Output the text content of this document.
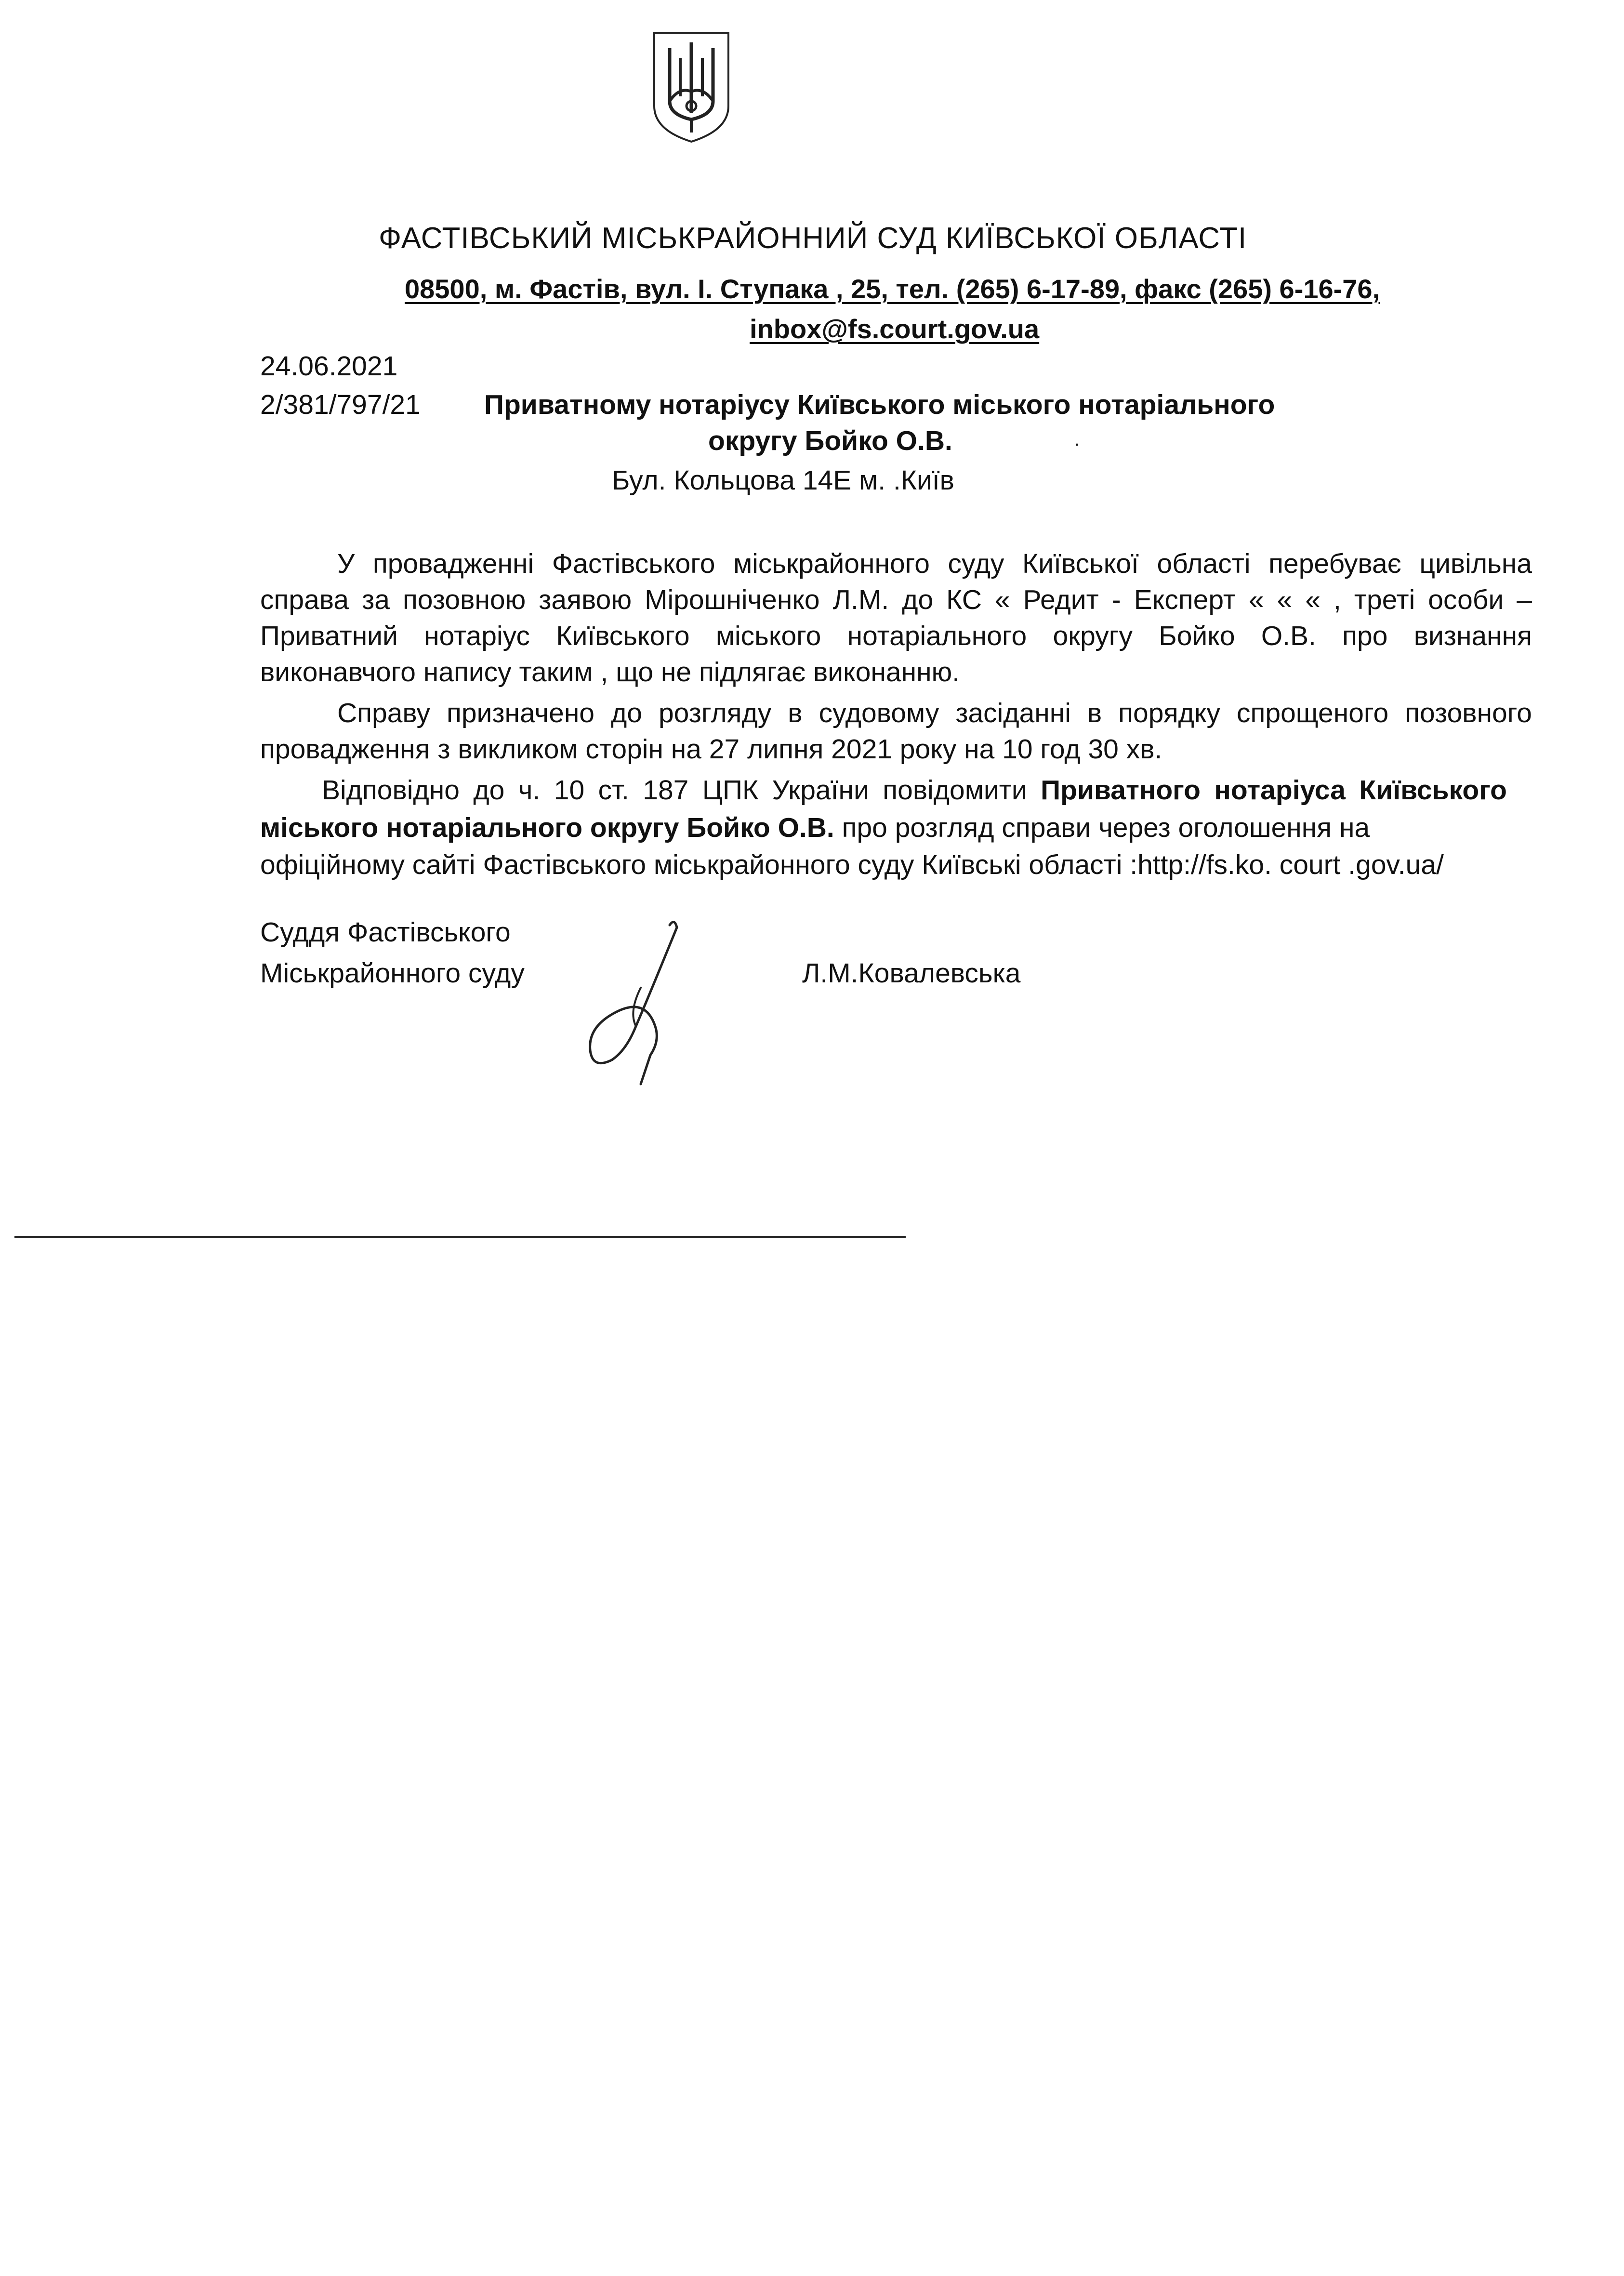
ФАСТІВСЬКИЙ МІСЬКРАЙОННИЙ СУД КИЇВСЬКОЇ ОБЛАСТІ
08500, м. Фастів, вул. І. Ступака , 25, тел. (265) 6-17-89, факс (265) 6-16-76,
inbox@fs.court.gov.ua
24.06.2021
2/381/797/21 Приватному нотаріусу Київського міського нотаріального
округу Бойко О.В.	.
Бул. Кольцова 14Е м. .Київ
У провадженні Фастівського міськрайонного суду Київської області перебуває цивільна
справа за позовною заявою Мірошніченко Л.М. до КС « Редит - Експерт « « « , треті особи –
Приватний нотаріус Київського міського нотаріального округу Бойко О.В. про визнання
виконавчого напису таким , що не підлягає виконанню.
Справу призначено до розгляду в судовому засіданні в порядку спрощеного позовного
провадження з викликом сторін на 27 липня 2021 року на 10 год 30 хв.
Відповідно до ч. 10 ст. 187 ЦПК України повідомити Приватного нотаріуса Київського
міського нотаріального округу Бойко О.В. про розгляд справи через оголошення на
офіційному сайті Фастівського міськрайонного суду Київські області :http://fs.ko. court .gov.ua/
Суддя Фастівського
Міськрайонного суду	Л.М.Ковалевська
